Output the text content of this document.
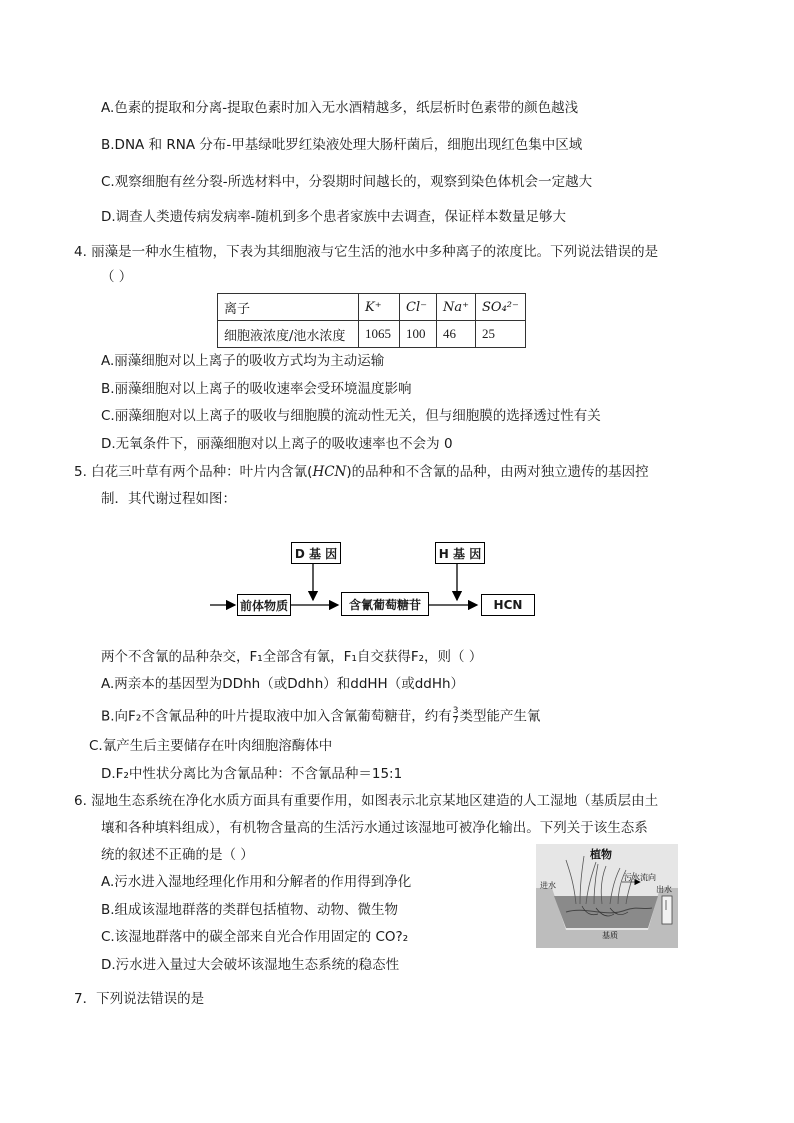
A.色素的提取和分离-提取色素时加入无水酒精越多，纸层析时色素带的颜色越浅
B.DNA 和 RNA 分布-甲基绿吡罗红染液处理大肠杆菌后，细胞出现红色集中区域
C.观察细胞有丝分裂-所选材料中，分裂期时间越长的，观察到染色体机会一定越大
D.调查人类遗传病发病率-随机到多个患者家族中去调查，保证样本数量足够大
4. 丽藻是一种水生植物，下表为其细胞液与它生活的池水中多种离子的浓度比。下列说法错误的是
（ ）
离子	K⁺	Cl⁻	Na⁺	SO₄²⁻
细胞液浓度/池水浓度	1065	100	46	25
A.丽藻细胞对以上离子的吸收方式均为主动运输
B.丽藻细胞对以上离子的吸收速率会受环境温度影响
C.丽藻细胞对以上离子的吸收与细胞膜的流动性无关，但与细胞膜的选择透过性有关
D.无氧条件下，丽藻细胞对以上离子的吸收速率也不会为 0
5. 白花三叶草有两个品种：叶片内含氰(HCN)的品种和不含氰的品种，由两对独立遗传的基因控
制．其代谢过程如图：
D 基 因	H 基 因
前体物质	含氰葡萄糖苷	HCN
两个不含氰的品种杂交，F₁全部含有氰，F₁自交获得F₂，则（ ）
A.两亲本的基因型为DDhh（或Ddhh）和ddHH（或ddHh）
B.向F₂不含氰品种的叶片提取液中加入含氰葡萄糖苷，约有 $\frac{3}{7}$ 类型能产生氰
C.氰产生后主要储存在叶肉细胞溶酶体中
D.F₂中性状分离比为含氰品种：不含氰品种＝15:1
6. 湿地生态系统在净化水质方面具有重要作用，如图表示北京某地区建造的人工湿地（基质层由土
壤和各种填料组成），有机物含量高的生活污水通过该湿地可被净化输出。下列关于该生态系
统的叙述不正确的是（ ）
A.污水进入湿地经理化作用和分解者的作用得到净化
B.组成该湿地群落的类群包括植物、动物、微生物
C.该湿地群落中的碳全部来自光合作用固定的 CO?₂
D.污水进入量过大会破坏该湿地生态系统的稳态性
植物
污水流向
进水	出水
基质
7．下列说法错误的是
